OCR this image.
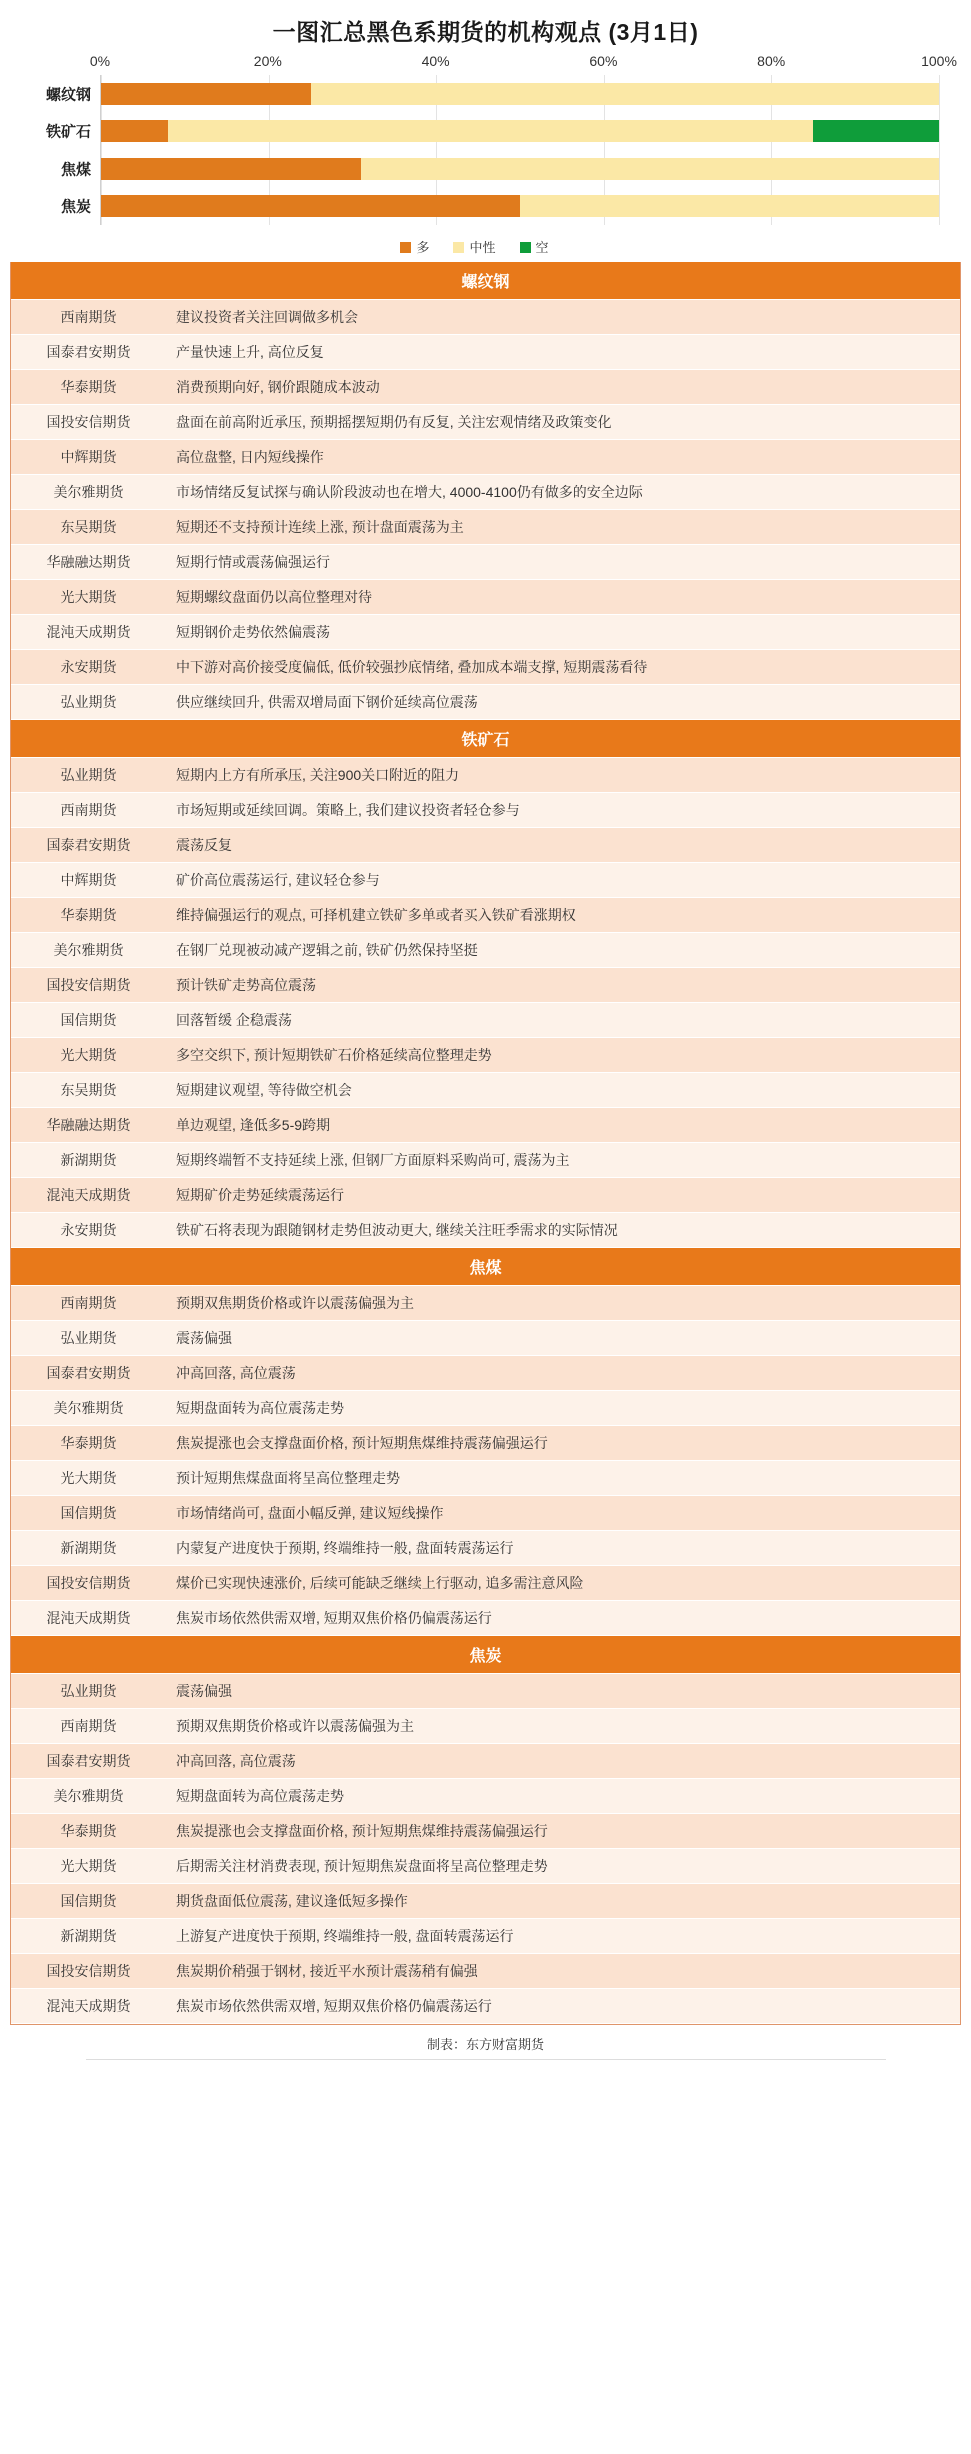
一图汇总黑色系期货的机构观点 (3月1日)
0%	20%	40%	60%	80%	100%
螺纹钢
铁矿石
焦煤
焦炭
多	中性	空
螺纹钢
西南期货	建议投资者关注回调做多机会
国泰君安期货	产量快速上升, 高位反复
华泰期货	消费预期向好, 钢价跟随成本波动
国投安信期货	盘面在前高附近承压, 预期摇摆短期仍有反复, 关注宏观情绪及政策变化
中辉期货	高位盘整, 日内短线操作
美尔雅期货	市场情绪反复试探与确认阶段波动也在增大, 4000-4100仍有做多的安全边际
东吴期货	短期还不支持预计连续上涨, 预计盘面震荡为主
华融融达期货	短期行情或震荡偏强运行
光大期货	短期螺纹盘面仍以高位整理对待
混沌天成期货	短期钢价走势依然偏震荡
永安期货	中下游对高价接受度偏低, 低价较强抄底情绪, 叠加成本端支撑, 短期震荡看待
弘业期货	供应继续回升, 供需双增局面下钢价延续高位震荡
铁矿石
弘业期货	短期内上方有所承压, 关注900关口附近的阻力
西南期货	市场短期或延续回调。策略上, 我们建议投资者轻仓参与
国泰君安期货	震荡反复
中辉期货	矿价高位震荡运行, 建议轻仓参与
华泰期货	维持偏强运行的观点, 可择机建立铁矿多单或者买入铁矿看涨期权
美尔雅期货	在钢厂兑现被动减产逻辑之前, 铁矿仍然保持坚挺
国投安信期货	预计铁矿走势高位震荡
国信期货	回落暂缓 企稳震荡
光大期货	多空交织下, 预计短期铁矿石价格延续高位整理走势
东吴期货	短期建议观望, 等待做空机会
华融融达期货	单边观望, 逢低多5-9跨期
新湖期货	短期终端暂不支持延续上涨, 但钢厂方面原料采购尚可, 震荡为主
混沌天成期货	短期矿价走势延续震荡运行
永安期货	铁矿石将表现为跟随钢材走势但波动更大, 继续关注旺季需求的实际情况
焦煤
西南期货	预期双焦期货价格或许以震荡偏强为主
弘业期货	震荡偏强
国泰君安期货	冲高回落, 高位震荡
美尔雅期货	短期盘面转为高位震荡走势
华泰期货	焦炭提涨也会支撑盘面价格, 预计短期焦煤维持震荡偏强运行
光大期货	预计短期焦煤盘面将呈高位整理走势
国信期货	市场情绪尚可, 盘面小幅反弹, 建议短线操作
新湖期货	内蒙复产进度快于预期, 终端维持一般, 盘面转震荡运行
国投安信期货	煤价已实现快速涨价, 后续可能缺乏继续上行驱动, 追多需注意风险
混沌天成期货	焦炭市场依然供需双增, 短期双焦价格仍偏震荡运行
焦炭
弘业期货	震荡偏强
西南期货	预期双焦期货价格或许以震荡偏强为主
国泰君安期货	冲高回落, 高位震荡
美尔雅期货	短期盘面转为高位震荡走势
华泰期货	焦炭提涨也会支撑盘面价格, 预计短期焦煤维持震荡偏强运行
光大期货	后期需关注材消费表现, 预计短期焦炭盘面将呈高位整理走势
国信期货	期货盘面低位震荡, 建议逢低短多操作
新湖期货	上游复产进度快于预期, 终端维持一般, 盘面转震荡运行
国投安信期货	焦炭期价稍强于钢材, 接近平水预计震荡稍有偏强
混沌天成期货	焦炭市场依然供需双增, 短期双焦价格仍偏震荡运行
制表：东方财富期货
